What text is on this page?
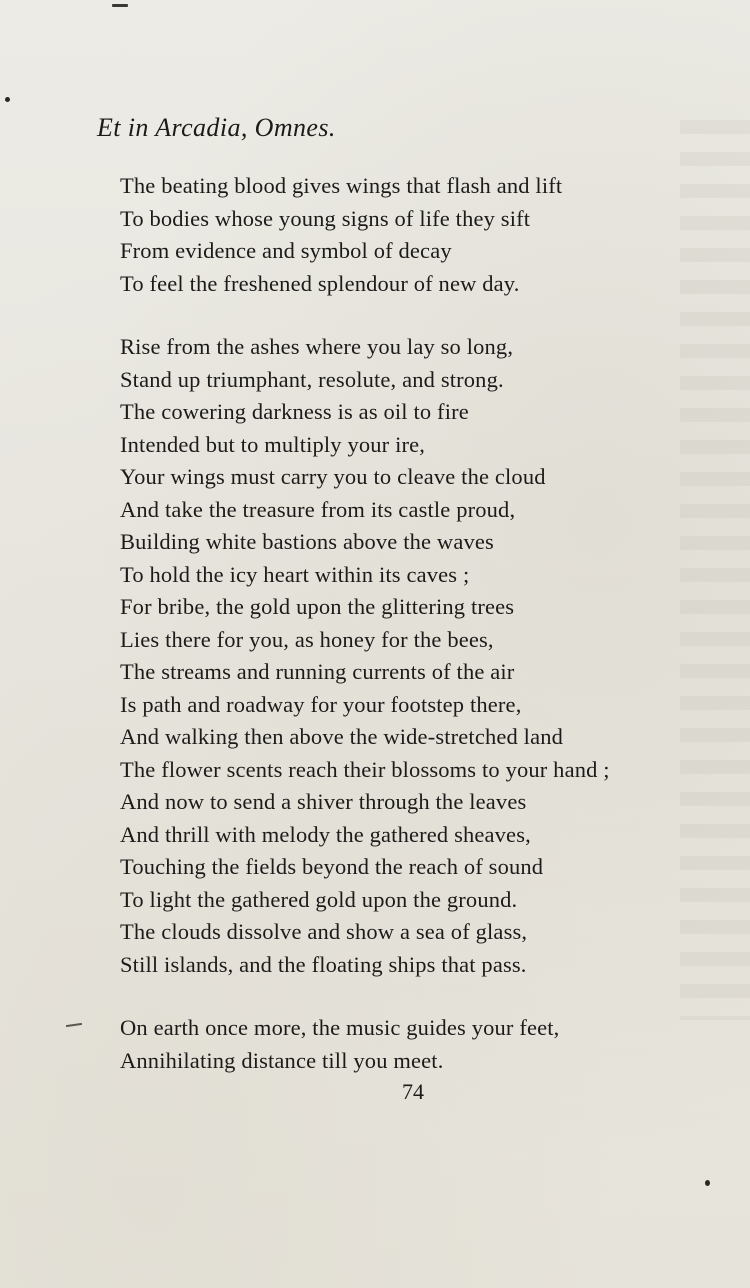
Et in Arcadia, Omnes.
The beating blood gives wings that flash and lift
To bodies whose young signs of life they sift
From evidence and symbol of decay
To feel the freshened splendour of new day.
Rise from the ashes where you lay so long,
Stand up triumphant, resolute, and strong.
The cowering darkness is as oil to fire
Intended but to multiply your ire,
Your wings must carry you to cleave the cloud
And take the treasure from its castle proud,
Building white bastions above the waves
To hold the icy heart within its caves ;
For bribe, the gold upon the glittering trees
Lies there for you, as honey for the bees,
The streams and running currents of the air
Is path and roadway for your footstep there,
And walking then above the wide-stretched land
The flower scents reach their blossoms to your hand ;
And now to send a shiver through the leaves
And thrill with melody the gathered sheaves,
Touching the fields beyond the reach of sound
To light the gathered gold upon the ground.
The clouds dissolve and show a sea of glass,
Still islands, and the floating ships that pass.
On earth once more, the music guides your feet,
Annihilating distance till you meet.
74
